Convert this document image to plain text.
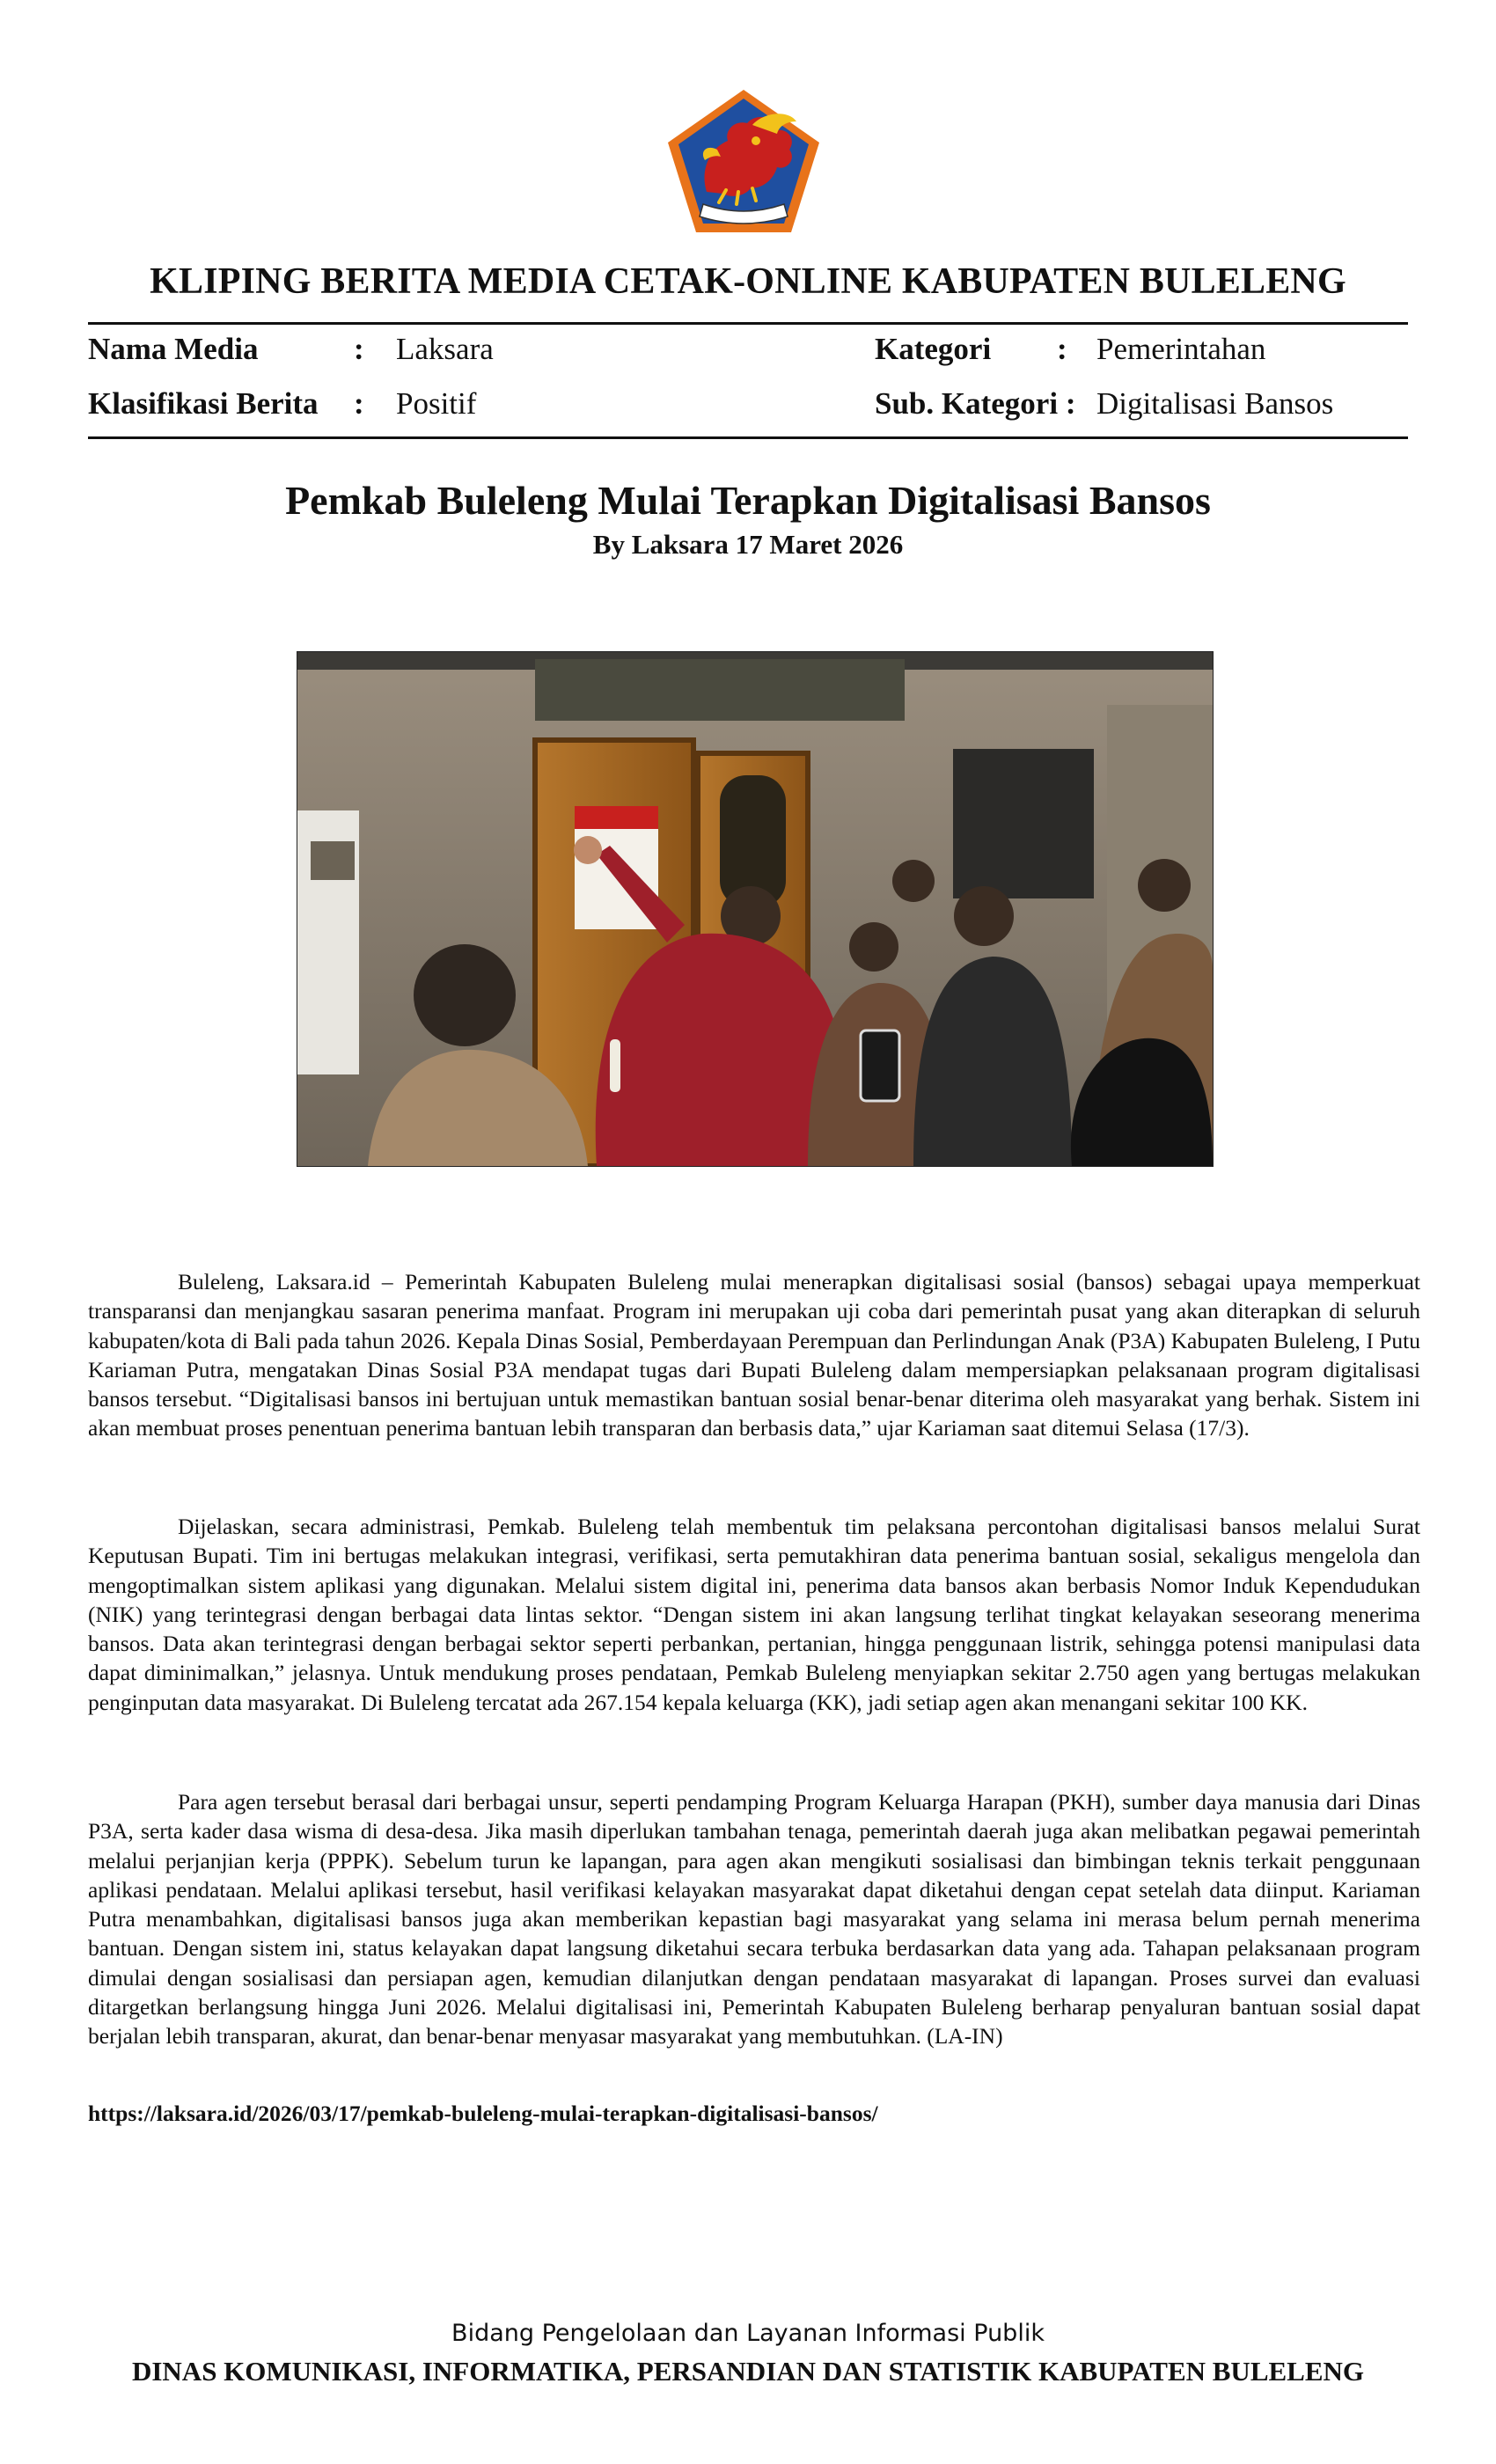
KLIPING BERITA MEDIA CETAK-ONLINE KABUPATEN BULELENG
Nama Media	: Laksara	Kategori : Pemerintahan
Klasifikasi Berita : Positif	Sub. Kategori : Digitalisasi Bansos
Pemkab Buleleng Mulai Terapkan Digitalisasi Bansos
By Laksara 17 Maret 2026

Buleleng, Laksara.id – Pemerintah Kabupaten Buleleng mulai menerapkan digitalisasi sosial (bansos) sebagai upaya memperkuat transparansi dan menjangkau sasaran penerima manfaat. Program ini merupakan uji coba dari pemerintah pusat yang akan diterapkan di seluruh kabupaten/kota di Bali pada tahun 2026. Kepala Dinas Sosial, Pemberdayaan Perempuan dan Perlindungan Anak (P3A) Kabupaten Buleleng, I Putu Kariaman Putra, mengatakan Dinas Sosial P3A mendapat tugas dari Bupati Buleleng dalam mempersiapkan pelaksanaan program digitalisasi bansos tersebut. “Digitalisasi bansos ini bertujuan untuk memastikan bantuan sosial benar-benar diterima oleh masyarakat yang berhak. Sistem ini akan membuat proses penentuan penerima bantuan lebih transparan dan berbasis data,” ujar Kariaman saat ditemui Selasa (17/3).

Dijelaskan, secara administrasi, Pemkab. Buleleng telah membentuk tim pelaksana percontohan digitalisasi bansos melalui Surat Keputusan Bupati. Tim ini bertugas melakukan integrasi, verifikasi, serta pemutakhiran data penerima bantuan sosial, sekaligus mengelola dan mengoptimalkan sistem aplikasi yang digunakan. Melalui sistem digital ini, penerima data bansos akan berbasis Nomor Induk Kependudukan (NIK) yang terintegrasi dengan berbagai data lintas sektor. “Dengan sistem ini akan langsung terlihat tingkat kelayakan seseorang menerima bansos. Data akan terintegrasi dengan berbagai sektor seperti perbankan, pertanian, hingga penggunaan listrik, sehingga potensi manipulasi data dapat diminimalkan,” jelasnya. Untuk mendukung proses pendataan, Pemkab Buleleng menyiapkan sekitar 2.750 agen yang bertugas melakukan penginputan data masyarakat. Di Buleleng tercatat ada 267.154 kepala keluarga (KK), jadi setiap agen akan menangani sekitar 100 KK.

Para agen tersebut berasal dari berbagai unsur, seperti pendamping Program Keluarga Harapan (PKH), sumber daya manusia dari Dinas P3A, serta kader dasa wisma di desa-desa. Jika masih diperlukan tambahan tenaga, pemerintah daerah juga akan melibatkan pegawai pemerintah melalui perjanjian kerja (PPPK). Sebelum turun ke lapangan, para agen akan mengikuti sosialisasi dan bimbingan teknis terkait penggunaan aplikasi pendataan. Melalui aplikasi tersebut, hasil verifikasi kelayakan masyarakat dapat diketahui dengan cepat setelah data diinput. Kariaman Putra menambahkan, digitalisasi bansos juga akan memberikan kepastian bagi masyarakat yang selama ini merasa belum pernah menerima bantuan. Dengan sistem ini, status kelayakan dapat langsung diketahui secara terbuka berdasarkan data yang ada. Tahapan pelaksanaan program dimulai dengan sosialisasi dan persiapan agen, kemudian dilanjutkan dengan pendataan masyarakat di lapangan. Proses survei dan evaluasi ditargetkan berlangsung hingga Juni 2026. Melalui digitalisasi ini, Pemerintah Kabupaten Buleleng berharap penyaluran bantuan sosial dapat berjalan lebih transparan, akurat, dan benar-benar menyasar masyarakat yang membutuhkan. (LA-IN)

https://laksara.id/2026/03/17/pemkab-buleleng-mulai-terapkan-digitalisasi-bansos/
Bidang Pengelolaan dan Layanan Informasi Publik
DINAS KOMUNIKASI, INFORMATIKA, PERSANDIAN DAN STATISTIK KABUPATEN BULELENG
